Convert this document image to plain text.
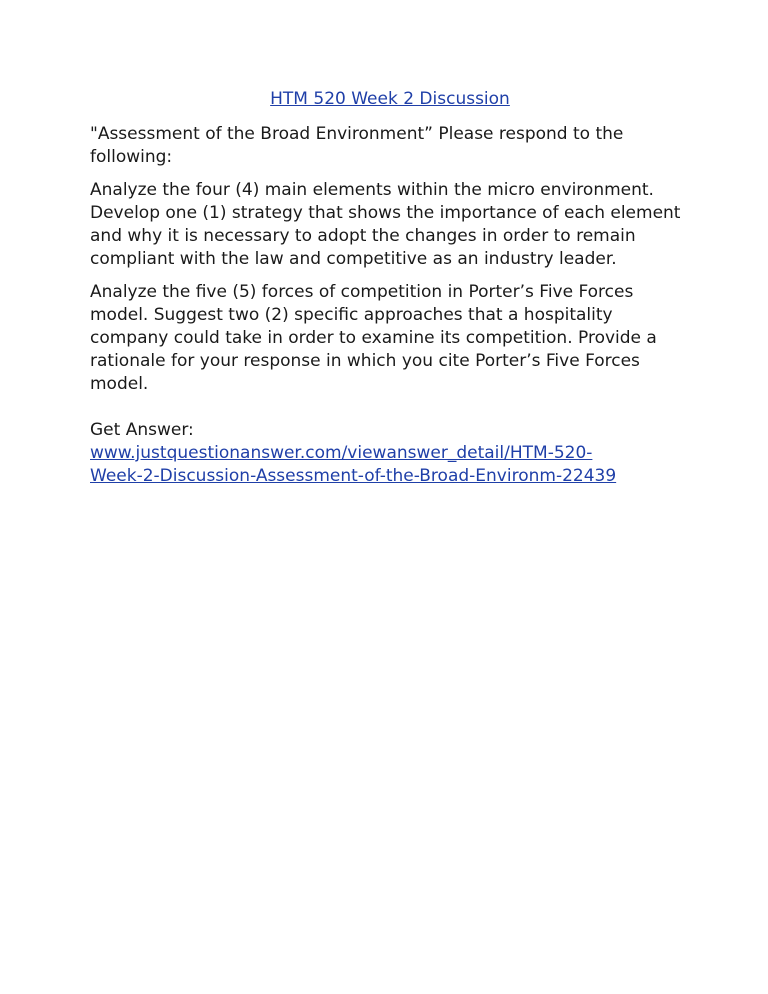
HTM 520 Week 2 Discussion

"Assessment of the Broad Environment” Please respond to the following:

Analyze the four (4) main elements within the micro environment. Develop one (1) strategy that shows the importance of each element and why it is necessary to adopt the changes in order to remain compliant with the law and competitive as an industry leader.

Analyze the five (5) forces of competition in Porter’s Five Forces model. Suggest two (2) specific approaches that a hospitality company could take in order to examine its competition. Provide a rationale for your response in which you cite Porter’s Five Forces model.

Get Answer:
www.justquestionanswer.com/viewanswer_detail/HTM-520-
Week-2-Discussion-Assessment-of-the-Broad-Environm-22439
